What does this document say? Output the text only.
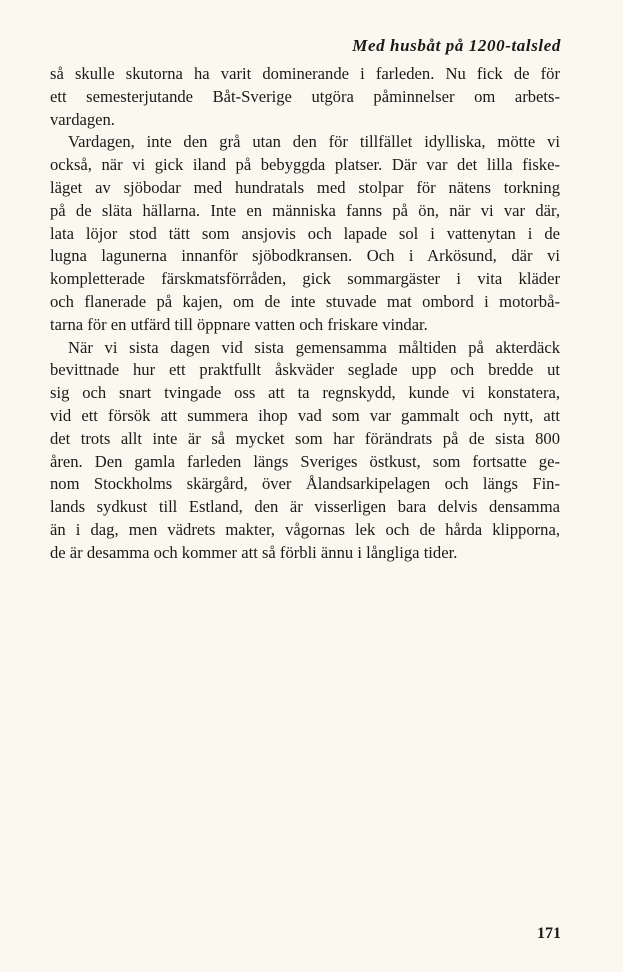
Med husbåt på 1200-talsled
så skulle skutorna ha varit dominerande i farleden. Nu fick de för
ett semesterjutande Båt-Sverige utgöra påminnelser om arbets-
vardagen.
Vardagen, inte den grå utan den för tillfället idylliska, mötte vi
också, när vi gick iland på bebyggda platser. Där var det lilla fiske-
läget av sjöbodar med hundratals med stolpar för nätens torkning
på de släta hällarna. Inte en människa fanns på ön, när vi var där,
lata löjor stod tätt som ansjovis och lapade sol i vattenytan i de
lugna lagunerna innanför sjöbodkransen. Och i Arkösund, där vi
kompletterade färskmatsförråden, gick sommargäster i vita kläder
och flanerade på kajen, om de inte stuvade mat ombord i motorbå-
tarna för en utfärd till öppnare vatten och friskare vindar.
När vi sista dagen vid sista gemensamma måltiden på akterdäck
bevittnade hur ett praktfullt åskväder seglade upp och bredde ut
sig och snart tvingade oss att ta regnskydd, kunde vi konstatera,
vid ett försök att summera ihop vad som var gammalt och nytt, att
det trots allt inte är så mycket som har förändrats på de sista 800
åren. Den gamla farleden längs Sveriges östkust, som fortsatte ge-
nom Stockholms skärgård, över Ålandsarkipelagen och längs Fin-
lands sydkust till Estland, den är visserligen bara delvis densamma
än i dag, men vädrets makter, vågornas lek och de hårda klipporna,
de är desamma och kommer att så förbli ännu i långliga tider.
171
